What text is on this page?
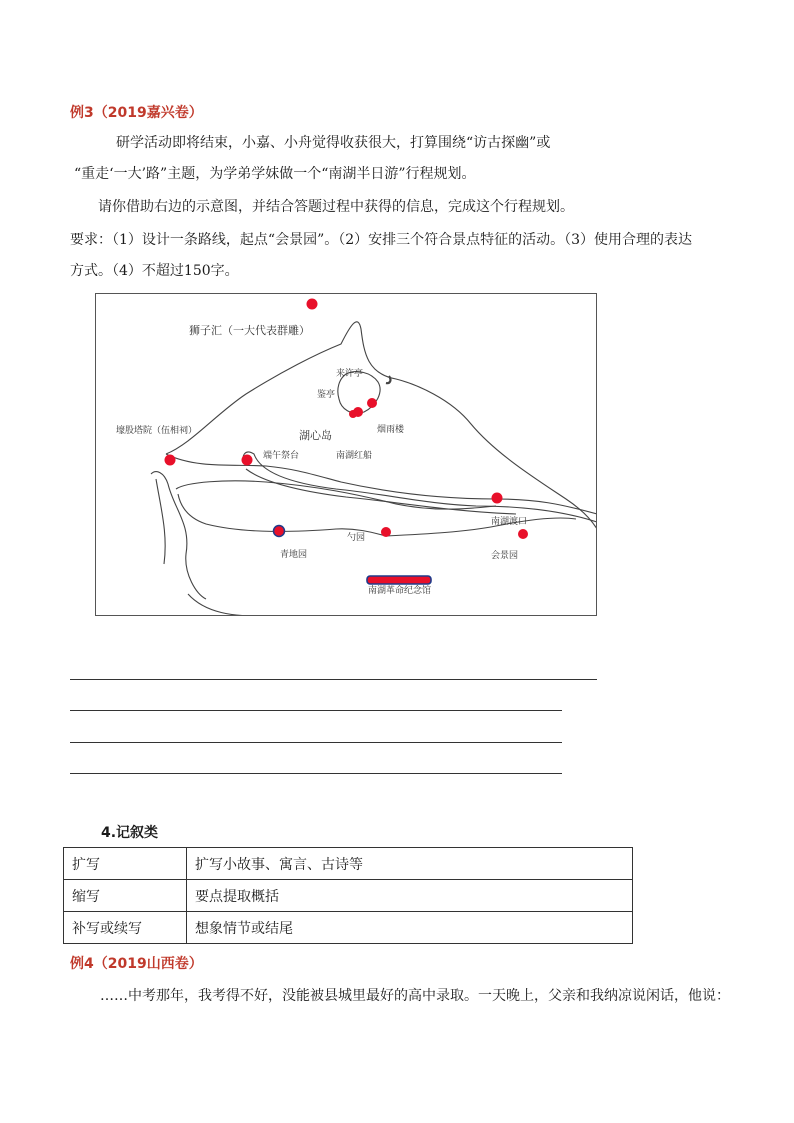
例3（2019嘉兴卷）
研学活动即将结束，小嘉、小舟觉得收获很大，打算围绕“访古探幽”或
“重走‘一大’路”主题，为学弟学妹做一个“南湖半日游”行程规划。
请你借助右边的示意图，并结合答题过程中获得的信息，完成这个行程规划。
要求：（1）设计一条路线，起点“会景园”。（2）安排三个符合景点特征的活动。（3）使用合理的表达
方式。（4）不超过150字。
狮子汇（一大代表群雕）
来许亭
鉴亭
烟雨楼
湖心岛
南湖红船
端午祭台
壕股塔院（伍相祠）
勺园
青地园
南湖渡口
会景园
南湖革命纪念馆
4.记叙类
扩写	扩写小故事、寓言、古诗等
缩写	要点提取概括
补写或续写	想象情节或结尾
例4（2019山西卷）
……中考那年，我考得不好，没能被县城里最好的高中录取。一天晚上，父亲和我纳凉说闲话，他说：
